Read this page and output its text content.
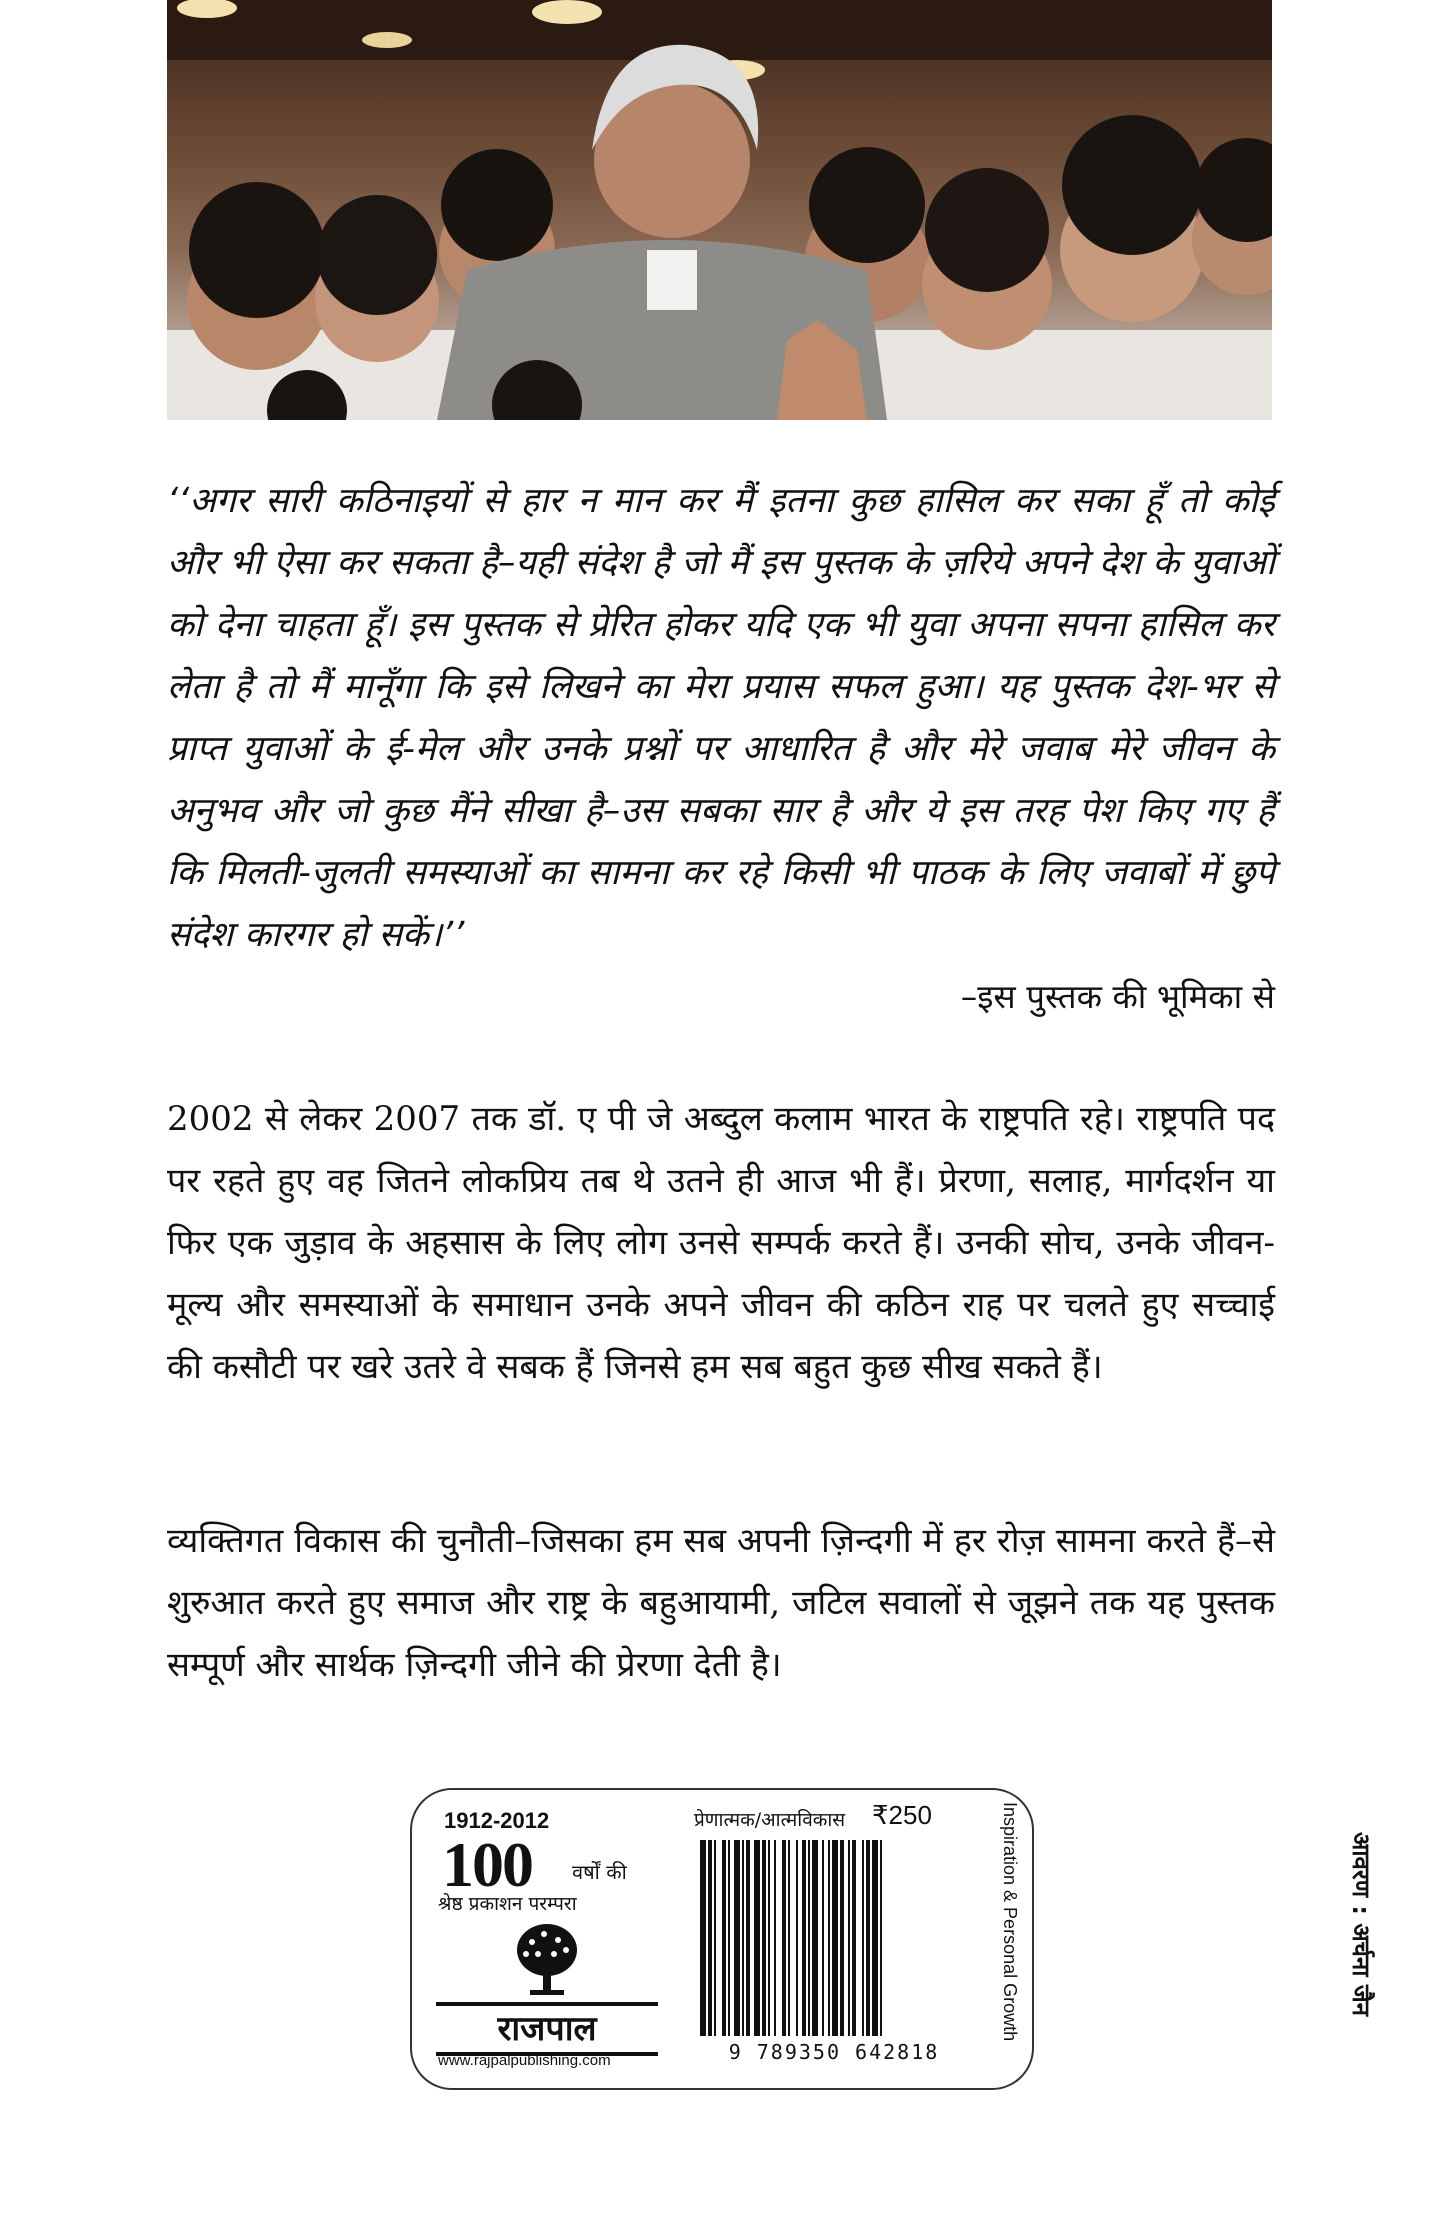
‘‘अगर सारी कठिनाइयों से हार न मान कर मैं इतना कुछ हासिल कर सका हूँ तो कोई और भी ऐसा कर सकता है–यही संदेश है जो मैं इस पुस्तक के ज़रिये अपने देश के युवाओं को देना चाहता हूँ। इस पुस्तक से प्रेरित होकर यदि एक भी युवा अपना सपना हासिल कर लेता है तो मैं मानूँगा कि इसे लिखने का मेरा प्रयास सफल हुआ। यह पुस्तक देश-भर से प्राप्त युवाओं के ई-मेल और उनके प्रश्नों पर आधारित है और मेरे जवाब मेरे जीवन के अनुभव और जो कुछ मैंने सीखा है–उस सबका सार है और ये इस तरह पेश किए गए हैं कि मिलती-जुलती समस्याओं का सामना कर रहे किसी भी पाठक के लिए जवाबों में छुपे संदेश कारगर हो सकें।’’
–इस पुस्तक की भूमिका से
2002 से लेकर 2007 तक डॉ. ए पी जे अब्दुल कलाम भारत के राष्ट्रपति रहे। राष्ट्रपति पद पर रहते हुए वह जितने लोकप्रिय तब थे उतने ही आज भी हैं। प्रेरणा, सलाह, मार्गदर्शन या फिर एक जुड़ाव के अहसास के लिए लोग उनसे सम्पर्क करते हैं। उनकी सोच, उनके जीवन-मूल्य और समस्याओं के समाधान उनके अपने जीवन की कठिन राह पर चलते हुए सच्चाई की कसौटी पर खरे उतरे वे सबक हैं जिनसे हम सब बहुत कुछ सीख सकते हैं।
व्यक्तिगत विकास की चुनौती–जिसका हम सब अपनी ज़िन्दगी में हर रोज़ सामना करते हैं–से शुरुआत करते हुए समाज और राष्ट्र के बहुआयामी, जटिल सवालों से जूझने तक यह पुस्तक सम्पूर्ण और सार्थक ज़िन्दगी जीने की प्रेरणा देती है।
1912-2012
100 वर्षों की
श्रेष्ठ प्रकाशन परम्परा
राजपाल
www.rajpalpublishing.com
प्रेणात्मक/आत्मविकास ₹250
9 789350 642818
Inspiration & Personal Growth	आवरण : अर्चना जैन
